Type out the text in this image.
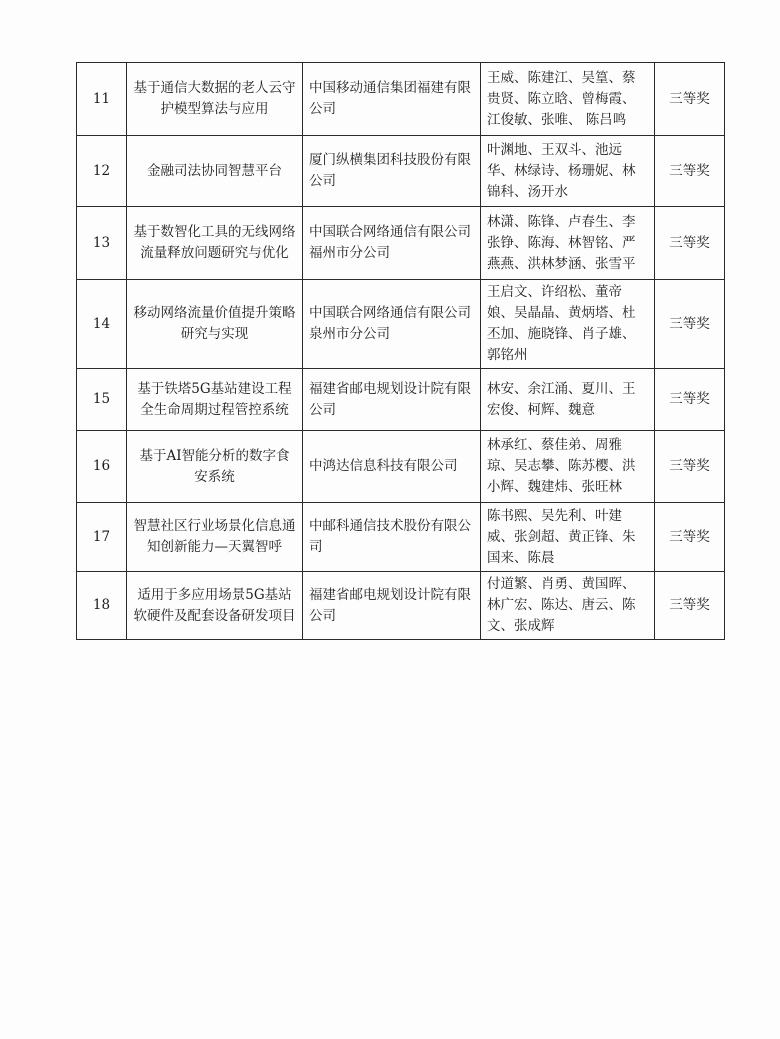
11	基于通信大数据的老人云守护模型算法与应用	中国移动通信集团福建有限公司	王威、陈建江、吴篁、蔡贵贤、陈立晗、曾梅霞、江俊敏、张唯、 陈吕鸣	三等奖
12	金融司法协同智慧平台	厦门纵横集团科技股份有限公司	叶渊地、王双斗、池远华、林绿诗、杨珊妮、林锦科、汤开水	三等奖
13	基于数智化工具的无线网络流量释放问题研究与优化	中国联合网络通信有限公司福州市分公司	林潇、陈锋、卢春生、李张铮、陈海、林智铭、严燕燕、洪林梦涵、张雪平	三等奖
14	移动网络流量价值提升策略研究与实现	中国联合网络通信有限公司泉州市分公司	王启文、许绍松、董帝娘、吴晶晶、黄炳塔、杜丕加、施晓锋、肖子雄、郭铭州	三等奖
15	基于铁塔5G基站建设工程全生命周期过程管控系统	福建省邮电规划设计院有限公司	林安、余江涌、夏川、王宏俊、柯辉、魏意	三等奖
16	基于AI智能分析的数字食安系统	中鸿达信息科技有限公司	林承红、蔡佳弟、周雅琼、吴志攀、陈苏樱、洪小辉、魏建炜、张旺林	三等奖
17	智慧社区行业场景化信息通知创新能力—天翼智呼	中邮科通信技术股份有限公司	陈书熙、吴先利、叶建威、张剑超、黄正锋、朱国来、陈晨	三等奖
18	适用于多应用场景5G基站软硬件及配套设备研发项目	福建省邮电规划设计院有限公司	付道繁、肖勇、黄国晖、林广宏、陈达、唐云、陈文、张成辉	三等奖
